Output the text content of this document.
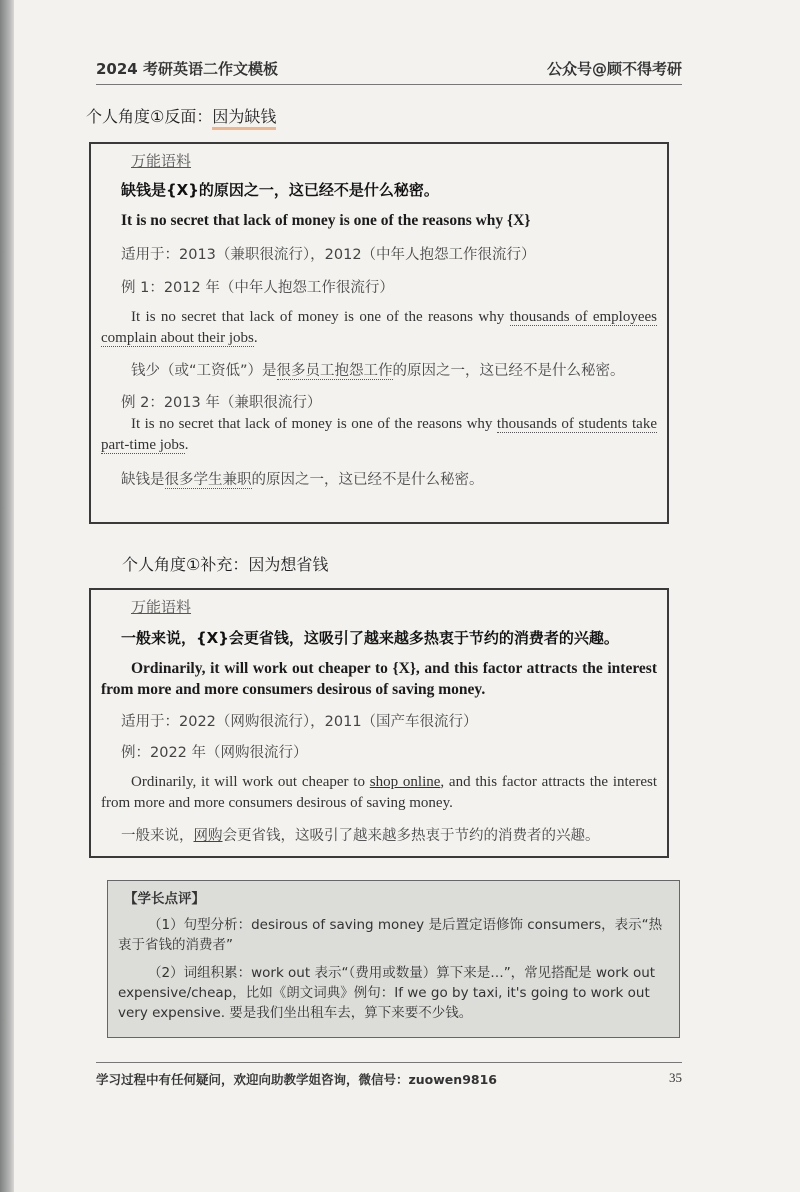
2024 考研英语二作文模板	公众号@顾不得考研
个人角度①反面：因为缺钱

万能语料

缺钱是{X}的原因之一，这已经不是什么秘密。

It is no secret that lack of money is one of the reasons why {X}

适用于：2013（兼职很流行），2012（中年人抱怨工作很流行）

例 1：2012 年（中年人抱怨工作很流行）

It is no secret that lack of money is one of the reasons why thousands of employees complain about their jobs.

钱少（或“工资低”）是很多员工抱怨工作的原因之一，这已经不是什么秘密。

例 2：2013 年（兼职很流行）

It is no secret that lack of money is one of the reasons why thousands of students take part-time jobs.

缺钱是很多学生兼职的原因之一，这已经不是什么秘密。

个人角度①补充：因为想省钱

万能语料

一般来说，{X}会更省钱，这吸引了越来越多热衷于节约的消费者的兴趣。

Ordinarily, it will work out cheaper to {X}, and this factor attracts the interest from more and more consumers desirous of saving money.

适用于：2022（网购很流行），2011（国产车很流行）

例：2022 年（网购很流行）

Ordinarily, it will work out cheaper to shop online, and this factor attracts the interest from more and more consumers desirous of saving money.

一般来说，网购会更省钱，这吸引了越来越多热衷于节约的消费者的兴趣。

【学长点评】

（1）句型分析：desirous of saving money 是后置定语修饰 consumers，表示“热衷于省钱的消费者”

（2）词组积累：work out 表示“（费用或数量）算下来是…”，常见搭配是 work out expensive/cheap，比如《朗文词典》例句：If we go by taxi, it's going to work out very expensive. 要是我们坐出租车去，算下来要不少钱。

学习过程中有任何疑问，欢迎向助教学姐咨询，微信号：zuowen9816	35
